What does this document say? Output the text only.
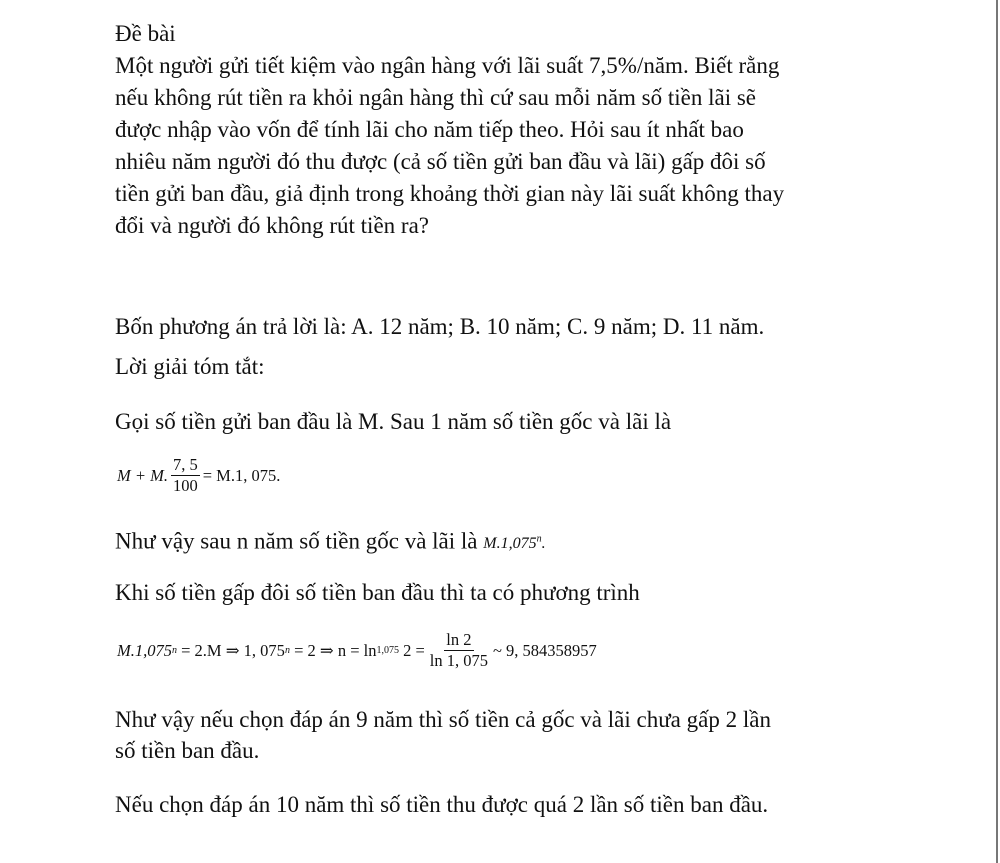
Đề bài
Một người gửi tiết kiệm vào ngân hàng với lãi suất 7,5%/năm. Biết rằng
nếu không rút tiền ra khỏi ngân hàng thì cứ sau mỗi năm số tiền lãi sẽ
được nhập vào vốn để tính lãi cho năm tiếp theo. Hỏi sau ít nhất bao
nhiêu năm người đó thu được (cả số tiền gửi ban đầu và lãi) gấp đôi số
tiền gửi ban đầu, giả định trong khoảng thời gian này lãi suất không thay
đổi và người đó không rút tiền ra?
Bốn phương án trả lời là: A. 12 năm; B. 10 năm; C. 9 năm; D. 11 năm.
Lời giải tóm tắt:
Gọi số tiền gửi ban đầu là M. Sau 1 năm số tiền gốc và lãi là
M + M. $\frac{7, 5}{100} = M.1$, 075.
Như vậy sau n năm số tiền gốc và lãi là M.1,075$^n$.
Khi số tiền gấp đôi số tiền ban đầu thì ta có phương trình
M.1,075 n = 2.M ⇒ 1, 075 n = 2 ⇒ n = ln 1,075 $2 = \frac{\ln 2}{\ln 1, 075}$ ~ 9, 584358957
Như vậy nếu chọn đáp án 9 năm thì số tiền cả gốc và lãi chưa gấp 2 lần
số tiền ban đầu.
Nếu chọn đáp án 10 năm thì số tiền thu được quá 2 lần số tiền ban đầu.
